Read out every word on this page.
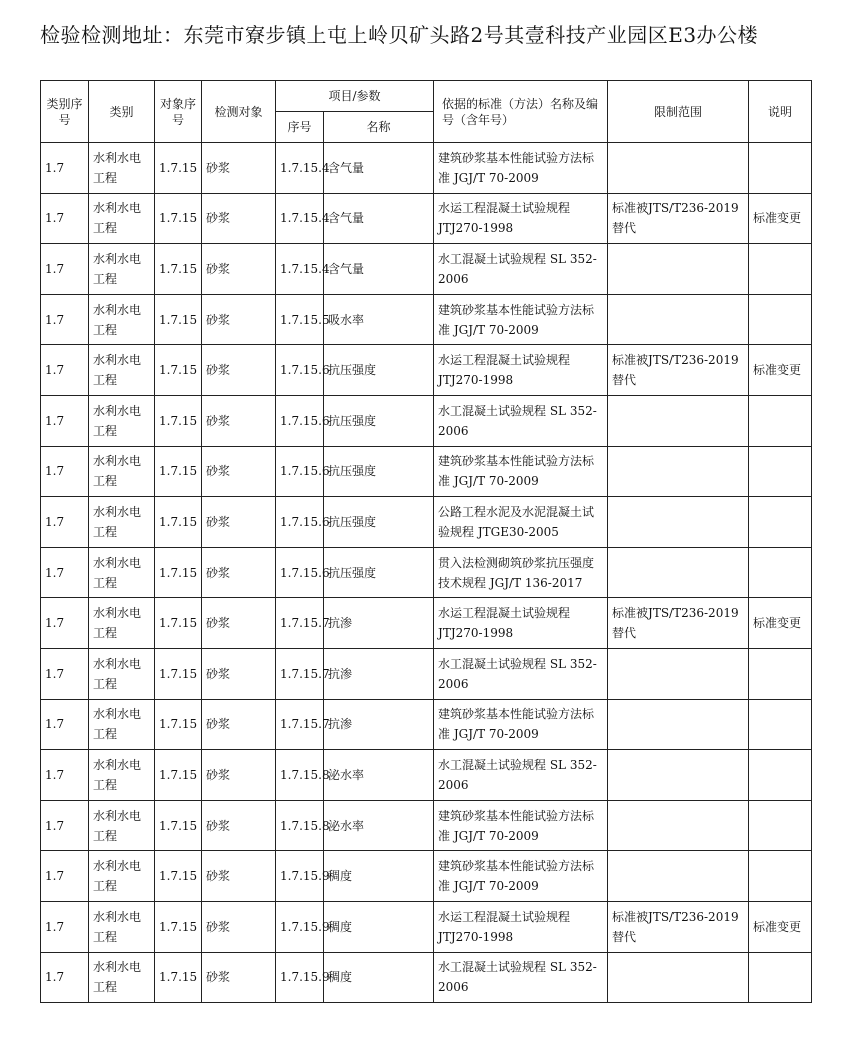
检验检测地址：东莞市寮步镇上屯上岭贝矿头路2号其壹科技产业园区E3办公楼
类别序号	类别	对象序号	检测对象	项目/参数		依据的标准（方法）名称及编号（含年号）	限制范围	说明
				序号	名称			
1.7	水利水电工程	1.7.15	砂浆	1.7.15.4	含气量	建筑砂浆基本性能试验方法标准 JGJ/T 70-2009		
1.7	水利水电工程	1.7.15	砂浆	1.7.15.4	含气量	水运工程混凝土试验规程JTJ270-1998	标准被JTS/T236-2019替代	标准变更
1.7	水利水电工程	1.7.15	砂浆	1.7.15.4	含气量	水工混凝土试验规程 SL 352-2006		
1.7	水利水电工程	1.7.15	砂浆	1.7.15.5	吸水率	建筑砂浆基本性能试验方法标准 JGJ/T 70-2009		
1.7	水利水电工程	1.7.15	砂浆	1.7.15.6	抗压强度	水运工程混凝土试验规程JTJ270-1998	标准被JTS/T236-2019替代	标准变更
1.7	水利水电工程	1.7.15	砂浆	1.7.15.6	抗压强度	水工混凝土试验规程 SL 352-2006		
1.7	水利水电工程	1.7.15	砂浆	1.7.15.6	抗压强度	建筑砂浆基本性能试验方法标准 JGJ/T 70-2009		
1.7	水利水电工程	1.7.15	砂浆	1.7.15.6	抗压强度	公路工程水泥及水泥混凝土试验规程 JTGE30-2005		
1.7	水利水电工程	1.7.15	砂浆	1.7.15.6	抗压强度	贯入法检测砌筑砂浆抗压强度技术规程 JGJ/T 136-2017		
1.7	水利水电工程	1.7.15	砂浆	1.7.15.7	抗渗	水运工程混凝土试验规程JTJ270-1998	标准被JTS/T236-2019替代	标准变更
1.7	水利水电工程	1.7.15	砂浆	1.7.15.7	抗渗	水工混凝土试验规程 SL 352-2006		
1.7	水利水电工程	1.7.15	砂浆	1.7.15.7	抗渗	建筑砂浆基本性能试验方法标准 JGJ/T 70-2009		
1.7	水利水电工程	1.7.15	砂浆	1.7.15.8	泌水率	水工混凝土试验规程 SL 352-2006		
1.7	水利水电工程	1.7.15	砂浆	1.7.15.8	泌水率	建筑砂浆基本性能试验方法标准 JGJ/T 70-2009		
1.7	水利水电工程	1.7.15	砂浆	1.7.15.9	稠度	建筑砂浆基本性能试验方法标准 JGJ/T 70-2009		
1.7	水利水电工程	1.7.15	砂浆	1.7.15.9	稠度	水运工程混凝土试验规程JTJ270-1998	标准被JTS/T236-2019替代	标准变更
1.7	水利水电工程	1.7.15	砂浆	1.7.15.9	稠度	水工混凝土试验规程 SL 352-2006		
